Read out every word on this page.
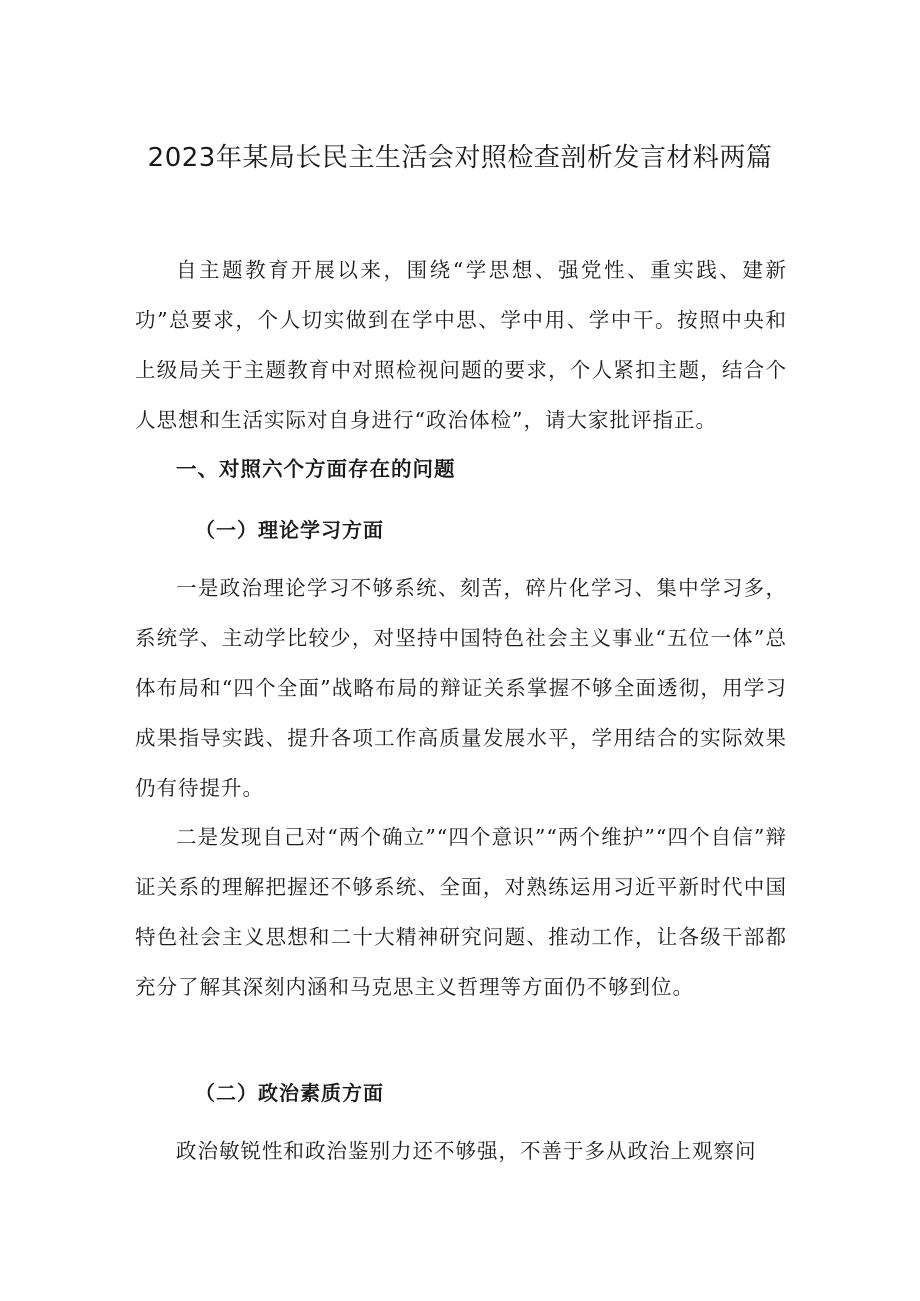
2023年某局长民主生活会对照检查剖析发言材料两篇

自主题教育开展以来，围绕“学思想、强党性、重实践、建新功”总要求，个人切实做到在学中思、学中用、学中干。按照中央和上级局关于主题教育中对照检视问题的要求，个人紧扣主题，结合个人思想和生活实际对自身进行“政治体检”，请大家批评指正。

一、对照六个方面存在的问题

（一）理论学习方面

一是政治理论学习不够系统、刻苦，碎片化学习、集中学习多，系统学、主动学比较少，对坚持中国特色社会主义事业“五位一体”总体布局和“四个全面”战略布局的辩证关系掌握不够全面透彻，用学习成果指导实践、提升各项工作高质量发展水平，学用结合的实际效果仍有待提升。

二是发现自己对“两个确立”“四个意识”“两个维护”“四个自信”辩证关系的理解把握还不够系统、全面，对熟练运用习近平新时代中国特色社会主义思想和二十大精神研究问题、推动工作，让各级干部都充分了解其深刻内涵和马克思主义哲理等方面仍不够到位。

（二）政治素质方面

政治敏锐性和政治鉴别力还不够强，不善于多从政治上观察问
